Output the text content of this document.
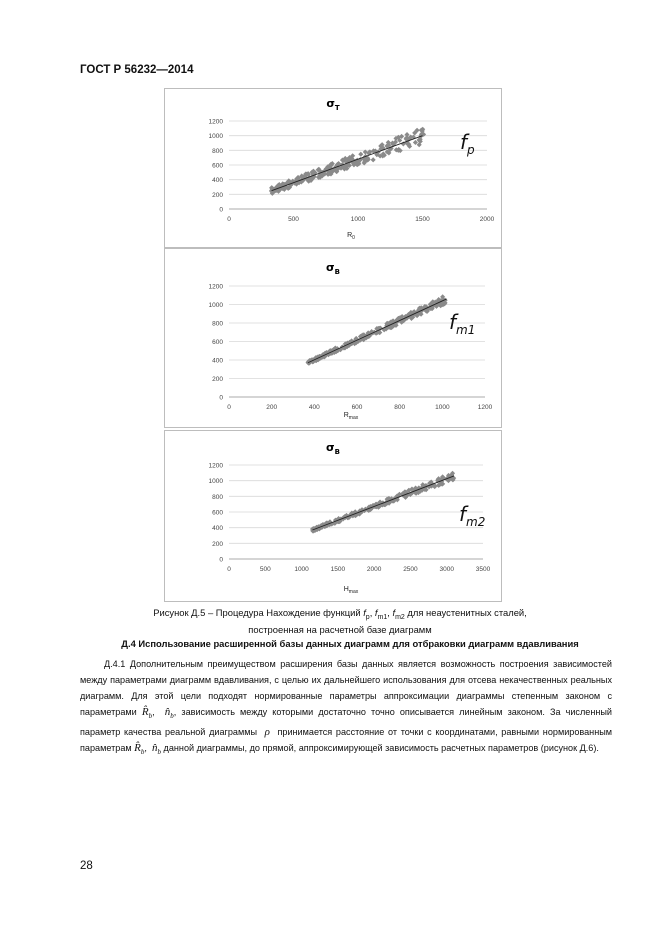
ГОСТ Р 56232—2014
$\sigma_Т$
0
200
400
600
800
1000
1200
0	500	1000	1500	2000
$f_p$
$R_0$
$\sigma_В$
0
200
400
600
800
1000
1200
0	200	400	600	800	1000	1200
$f_{m1}$
$R_{max}$
$\sigma_В$
0
200
400
600
800
1000
1200
0	500	1000	1500	2000	2500	3000	3500
$f_{m2}$
$H_{max}$
Рисунок Д.5 – Процедура Нахождение функций $f_p$, $f_{m1}$, $f_{m2}$ для неаустенитных сталей,
построенная на расчетной базе диаграмм
Д.4 Использование расширенной базы данных диаграмм для отбраковки диаграмм вдавливания
Д.4.1 Дополнительным преимуществом расширения базы данных является возможность построения зависимостей между параметрами диаграмм вдавливания, с целью их дальнейшего использования для отсева некачественных реальных диаграмм. Для этой цели подходят нормированные параметры аппроксимации диаграммы степенным законом с параметрами $R̂_b$,  $n̂_b$, зависимость между которыми достаточно точно описывается линейным законом. За численный параметр качества реальной диаграммы  ρ  принимается расстояние от точки с координатами, равными нормированным параметрам $R̂_b$,  $n̂_b$ данной диаграммы, до прямой, аппроксимирующей зависимость расчетных параметров (рисунок Д.6).
28
